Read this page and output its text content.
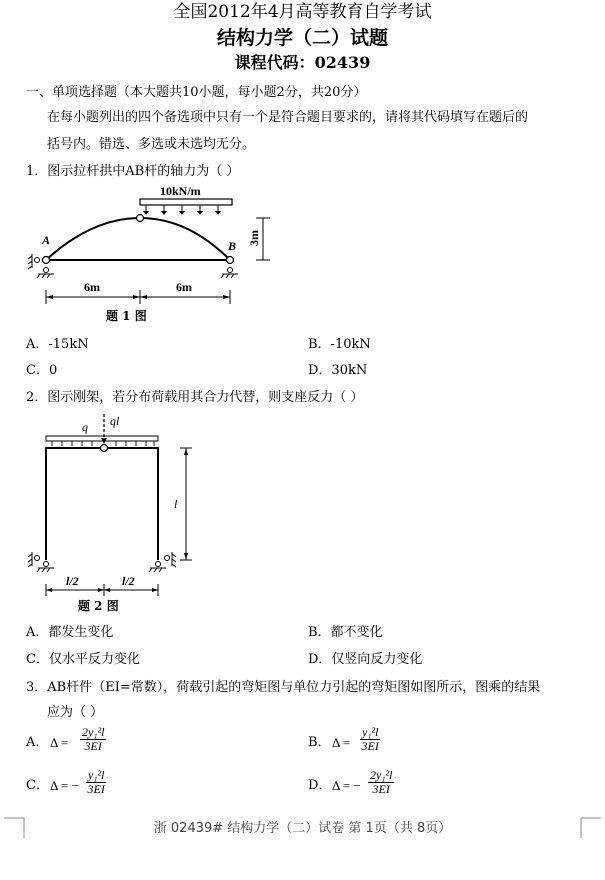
全国2012年4月高等教育自学考试
结构力学（二）试题
课程代码：02439
一、单项选择题（本大题共10小题，每小题2分，共20分）
在每小题列出的四个备选项中只有一个是符合题目要求的，请将其代码填写在题后的
括号内。错选、多选或未选均无分。
1．图示拉杆拱中AB杆的轴力为（ ）
10kN/m
A	B 3m
6m	6m
题 1 图
A．-15kN	B．-10kN
C．0	D．30kN
2．图示刚架，若分布荷载用其合力代替，则支座反力（ ）
q ql
l
l/2	l/2
题 2 图
A．都发生变化	B．都不变化
C．仅水平反力变化	D．仅竖向反力变化
3．AB杆件（EI=常数），荷载引起的弯矩图与单位力引起的弯矩图如图所示，图乘的结果
应为（ ）
A． $\Delta = \frac{\text{2y₁²l}}{3EI}$	B． $\Delta = \frac{\text{y₁²l}}{3EI}$
C． Δ = − $\frac{\text{y₁²l}}{3EI}$	D． Δ = − $\frac{\text{2y₁²l}}{3EI}$
浙 02439# 结构力学（二）试卷 第 1页（共 8页）
